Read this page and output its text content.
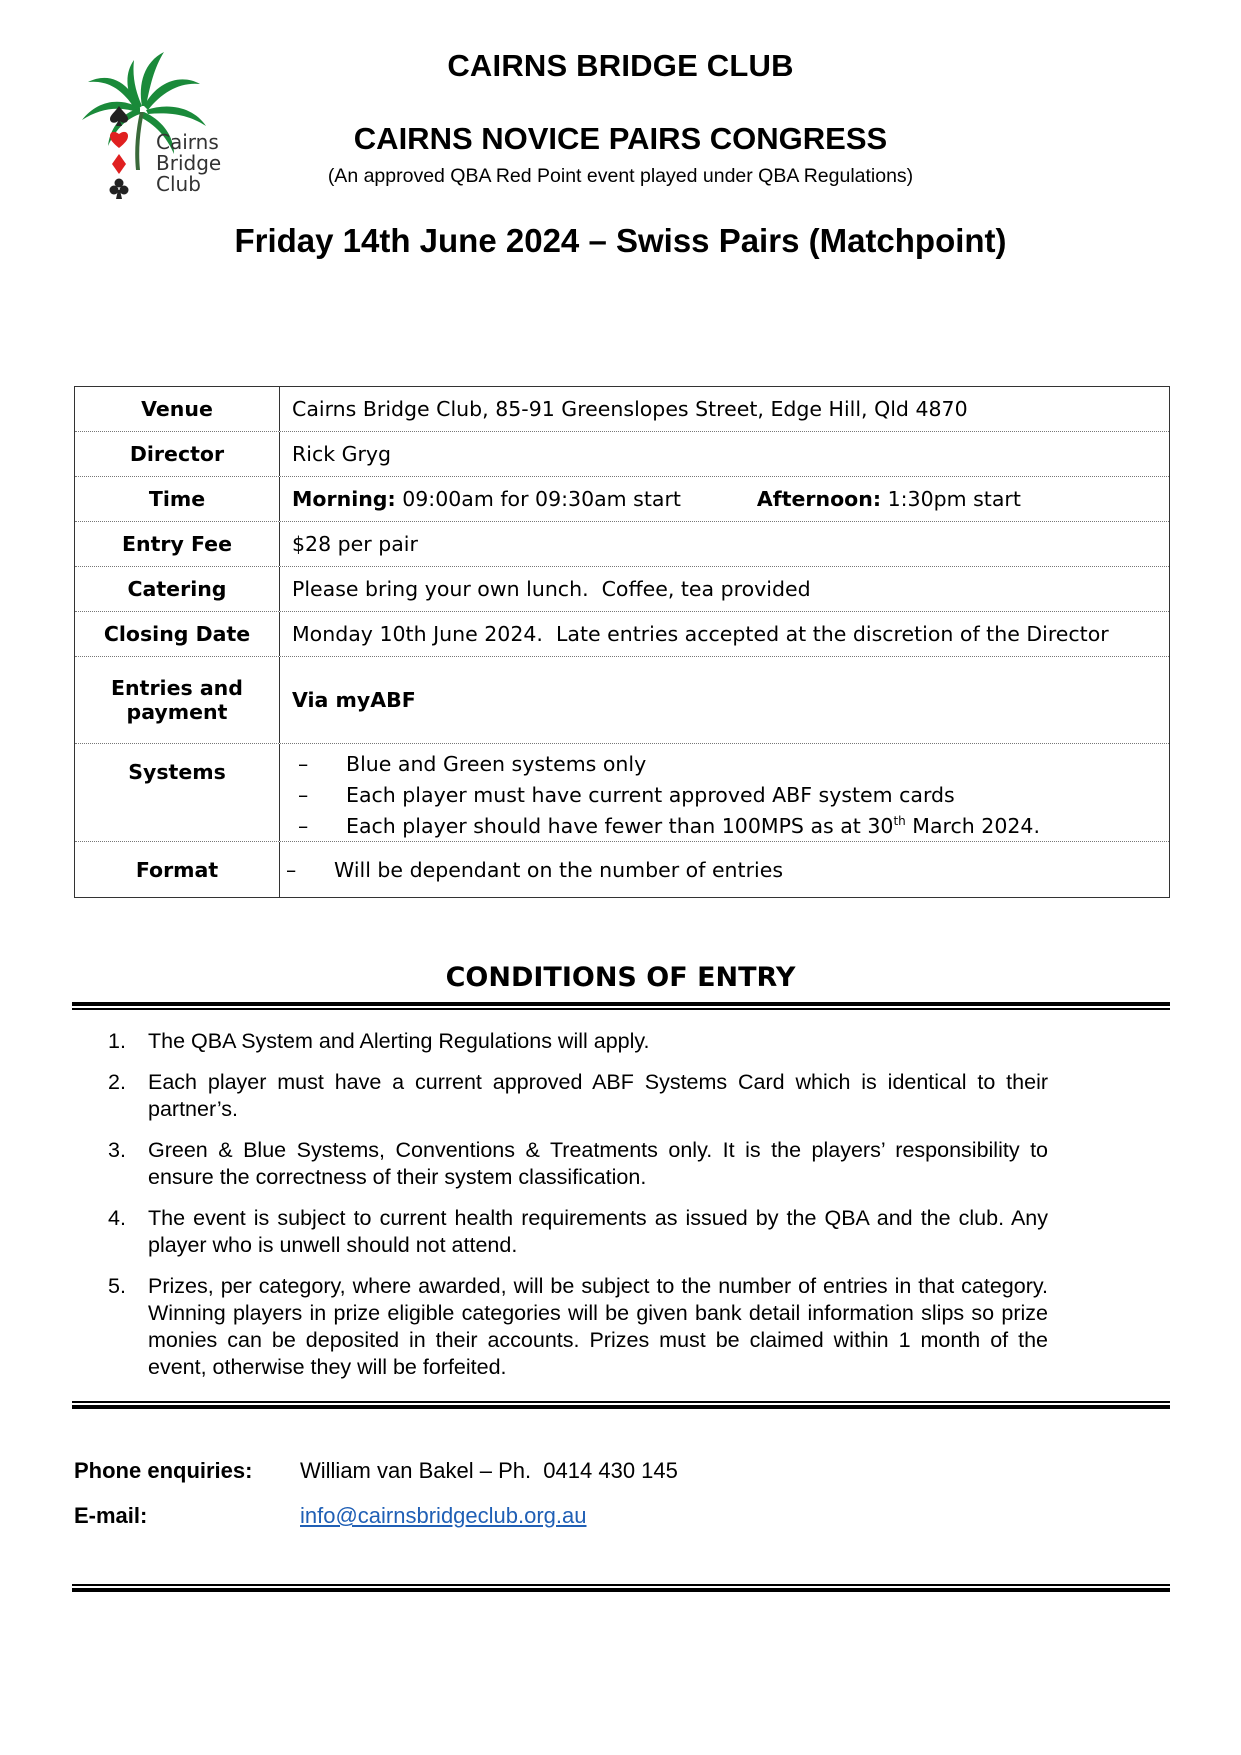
Cairns
Bridge
Club
CAIRNS BRIDGE CLUB
CAIRNS NOVICE PAIRS CONGRESS
(An approved QBA Red Point event played under QBA Regulations)
Friday 14th June 2024 – Swiss Pairs (Matchpoint)
Venue	Cairns Bridge Club, 85-91 Greenslopes Street, Edge Hill, Qld 4870
Director	Rick Gryg
Time	Morning: 09:00am for 09:30am start	Afternoon: 1:30pm start
Entry Fee	$28 per pair
Catering	Please bring your own lunch.  Coffee, tea provided
Closing Date	Monday 10th June 2024.  Late entries accepted at the discretion of the Director
Entries and
payment	Via myABF
Systems	–	Blue and Green systems only
–	Each player must have current approved ABF system cards
–	Each player should have fewer than 100MPS as at 30th March 2024.
Format	–	Will be dependant on the number of entries
CONDITIONS OF ENTRY
1.	The QBA System and Alerting Regulations will apply.
2.	Each player must have a current approved ABF Systems Card which is identical to their partner’s.
3.	Green & Blue Systems, Conventions & Treatments only. It is the players’ responsibility to ensure the correctness of their system classification.
4.	The event is subject to current health requirements as issued by the QBA and the club. Any player who is unwell should not attend.
5.	Prizes, per category, where awarded, will be subject to the number of entries in that category. Winning players in prize eligible categories will be given bank detail information slips so prize monies can be deposited in their accounts. Prizes must be claimed within 1 month of the event, otherwise they will be forfeited.
Phone enquiries: William van Bakel – Ph.  0414 430 145
E-mail:	info@cairnsbridgeclub.org.au
